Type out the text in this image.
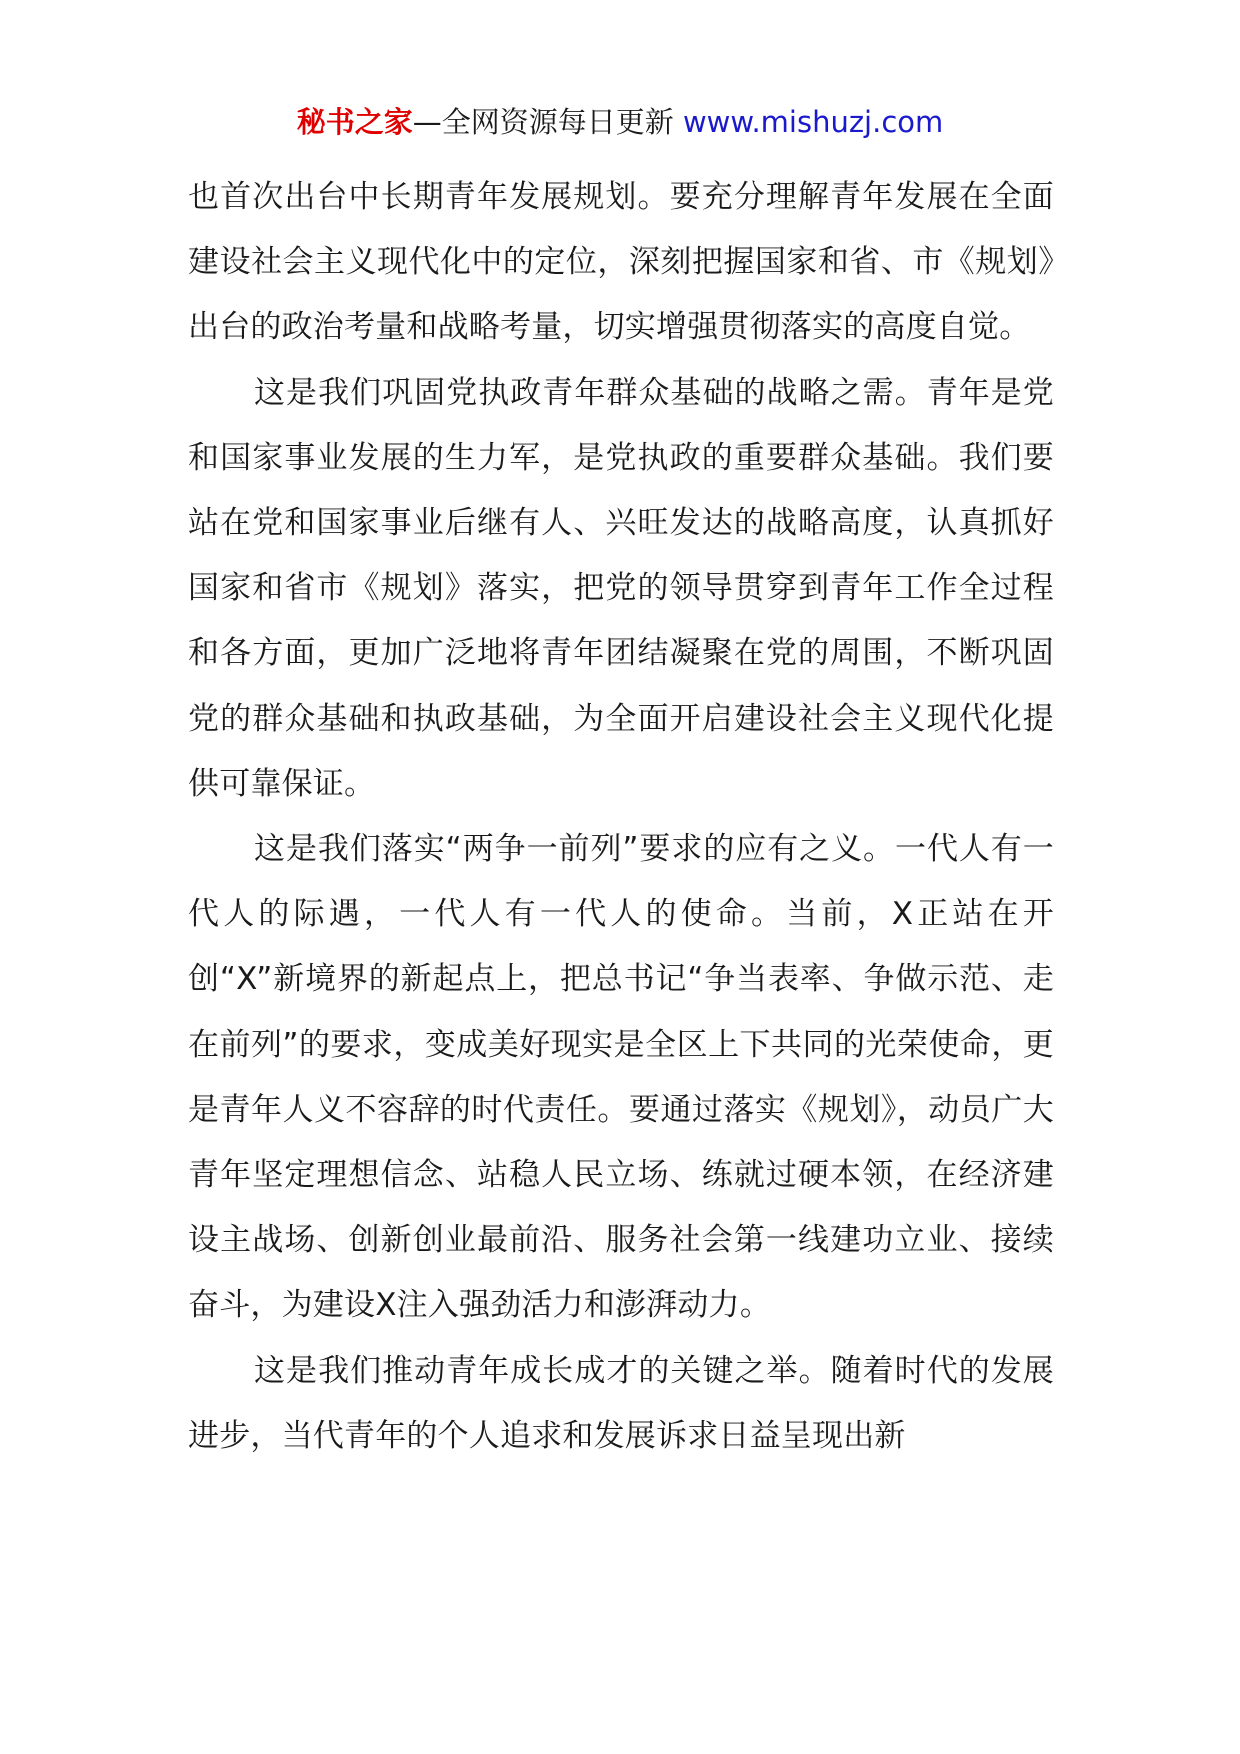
秘书之家—全网资源每日更新 www.mishuzj.com

也首次出台中长期青年发展规划。要充分理解青年发展在全面建设社会主义现代化中的定位，深刻把握国家和省、市《规划》出台的政治考量和战略考量，切实增强贯彻落实的高度自觉。

这是我们巩固党执政青年群众基础的战略之需。青年是党和国家事业发展的生力军，是党执政的重要群众基础。我们要站在党和国家事业后继有人、兴旺发达的战略高度，认真抓好国家和省市《规划》落实，把党的领导贯穿到青年工作全过程和各方面，更加广泛地将青年团结凝聚在党的周围，不断巩固党的群众基础和执政基础，为全面开启建设社会主义现代化提供可靠保证。

这是我们落实“两争一前列”要求的应有之义。一代人有一代人的际遇，一代人有一代人的使命。当前，X正站在开创“X”新境界的新起点上，把总书记“争当表率、争做示范、走在前列”的要求，变成美好现实是全区上下共同的光荣使命，更是青年人义不容辞的时代责任。要通过落实《规划》，动员广大青年坚定理想信念、站稳人民立场、练就过硬本领，在经济建设主战场、创新创业最前沿、服务社会第一线建功立业、接续奋斗，为建设X注入强劲活力和澎湃动力。

这是我们推动青年成长成才的关键之举。随着时代的发展进步，当代青年的个人追求和发展诉求日益呈现出新
